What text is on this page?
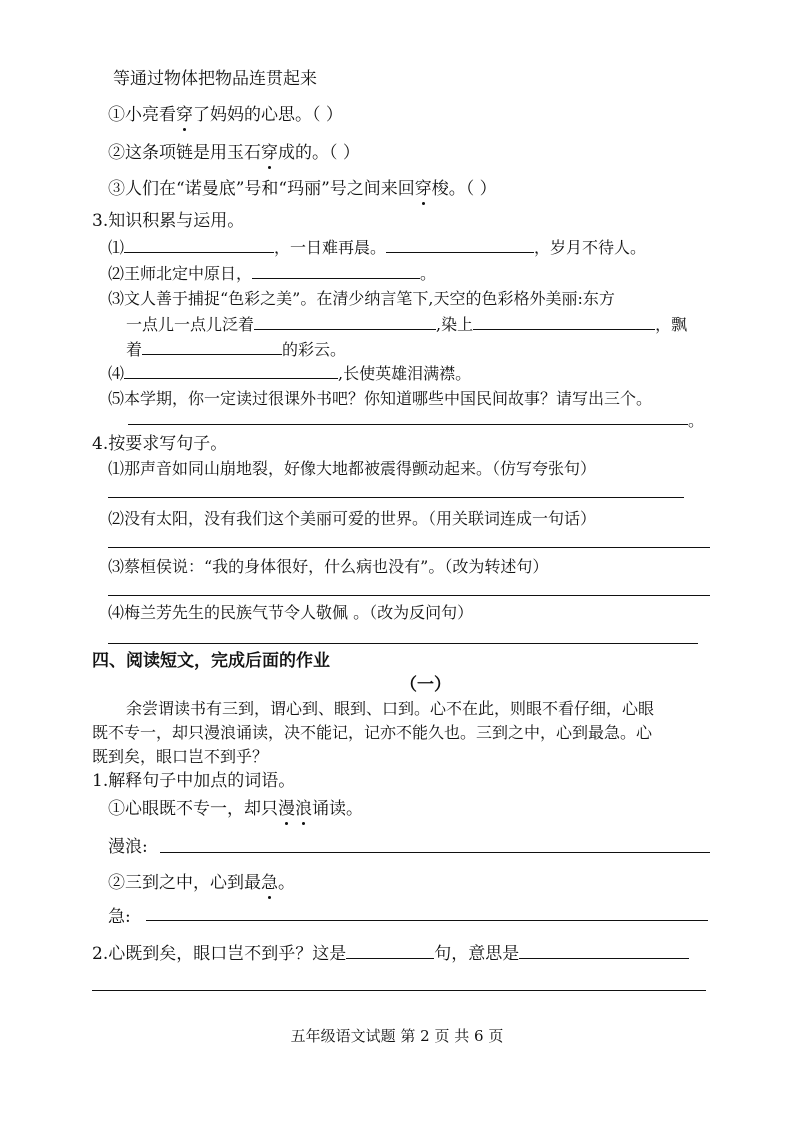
等通过物体把物品连贯起来
①小亮看穿了妈妈的心思。（ ）
②这条项链是用玉石穿成的。（ ）
③人们在“诺曼底”号和“玛丽”号之间来回穿梭。（ ）
3.知识积累与运用。
⑴	，一日难再晨。	，岁月不待人。
⑵王师北定中原日，	。
⑶文人善于捕捉“色彩之美”。在清少纳言笔下,天空的色彩格外美丽:东方
一点儿一点儿泛着	,染上	，飘
着	的彩云。
⑷	,长使英雄泪满襟。
⑸本学期，你一定读过很课外书吧？你知道哪些中国民间故事？请写出三个。
。
4.按要求写句子。
⑴那声音如同山崩地裂，好像大地都被震得颤动起来。（仿写夸张句）
⑵没有太阳，没有我们这个美丽可爱的世界。（用关联词连成一句话）
⑶蔡桓侯说：“我的身体很好，什么病也没有”。（改为转述句）
⑷梅兰芳先生的民族气节令人敬佩 。（改为反问句）
四、阅读短文，完成后面的作业
（一）
余尝谓读书有三到，谓心到、眼到、口到。心不在此，则眼不看仔细，心眼
既不专一，却只漫浪诵读，决不能记，记亦不能久也。三到之中，心到最急。心
既到矣，眼口岂不到乎？
1.解释句子中加点的词语。
①心眼既不专一，却只漫浪诵读。
漫浪:
②三到之中，心到最急。
急:
2.心既到矣，眼口岂不到乎？这是	句，意思是
五年级语文试题 第 2 页 共 6 页
